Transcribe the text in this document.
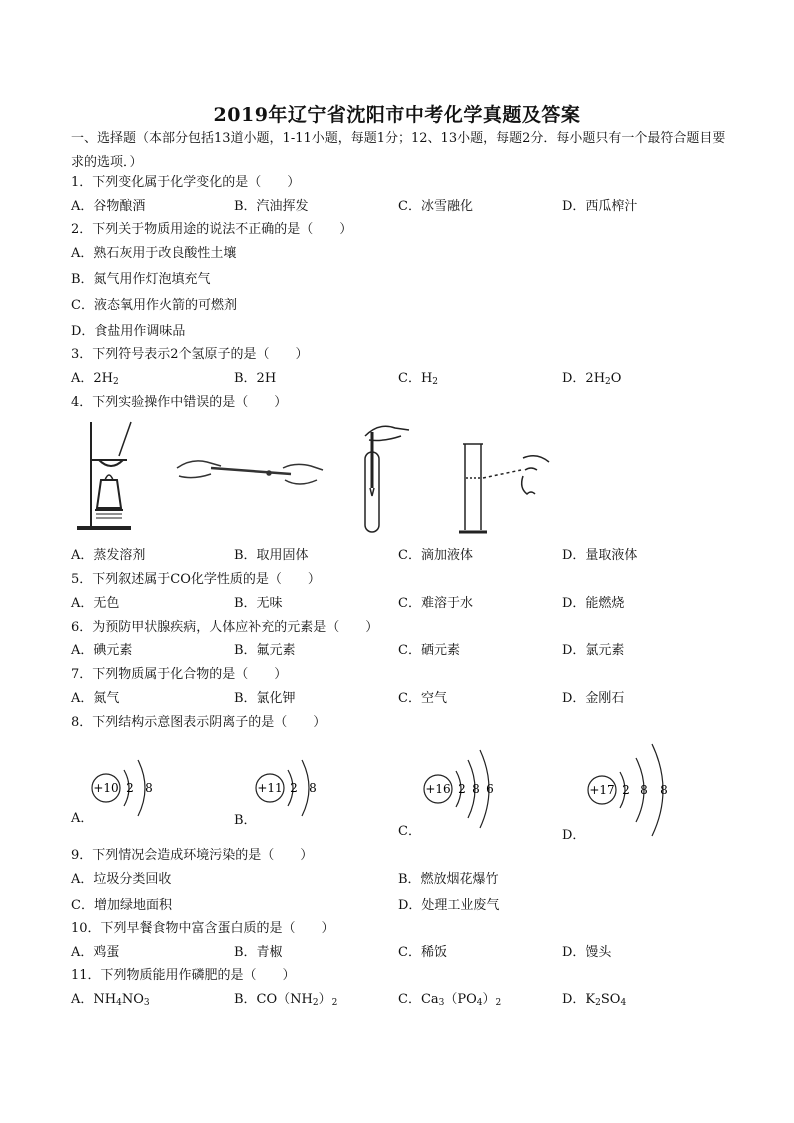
2019年辽宁省沈阳市中考化学真题及答案
一、选择题（本部分包括13道小题，1-11小题，每题1分；12、13小题，每题2分．每小题只有一个最符合题目要求的选项．）
1．下列变化属于化学变化的是（　　）
A．谷物酿酒	B．汽油挥发	C．冰雪融化	D．西瓜榨汁
2．下列关于物质用途的说法不正确的是（　　）
A．熟石灰用于改良酸性土壤
B．氮气用作灯泡填充气
C．液态氧用作火箭的可燃剂
D．食盐用作调味品
3．下列符号表示2个氢原子的是（　　）
A．$2H_2$	B．2H	C．$H_2$	D．$2H_2O$
4．下列实验操作中错误的是（　　）
A．蒸发溶剂	B．取用固体	C．滴加液体	D．量取液体
5．下列叙述属于CO化学性质的是（　　）
A．无色	B．无味	C．难溶于水	D．能燃烧
6．为预防甲状腺疾病，人体应补充的元素是（　　）
A．碘元素	B．氟元素	C．硒元素	D．氯元素
7．下列物质属于化合物的是（　　）
A．氮气	B．氯化钾	C．空气	D．金刚石
8．下列结构示意图表示阴离子的是（　　）
+10 2 8
A．
+11 2 8
B．
+16 2 8 6
C．
+17 2 8 8
D．
9．下列情况会造成环境污染的是（　　）
A．垃圾分类回收	B．燃放烟花爆竹
C．增加绿地面积	D．处理工业废气
10．下列早餐食物中富含蛋白质的是（　　）
A．鸡蛋	B．青椒	C．稀饭	D．馒头
11．下列物质能用作磷肥的是（　　）
A．$NH_4NO_3$	B．$CO(NH_2)_2$	C．$Ca_3(PO_4)_2$	D．$K_2SO_4$
